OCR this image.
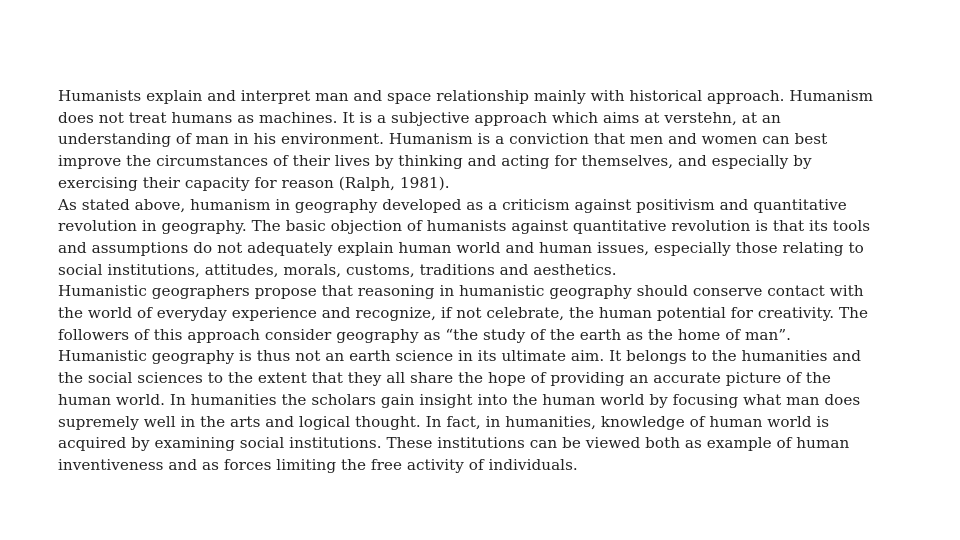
Humanists explain and interpret man and space relationship mainly with historical approach. Humanism does not treat humans as machines. It is a subjective approach which aims at verstehn, at an understanding of man in his environment. Humanism is a conviction that men and women can best improve the circumstances of their lives by thinking and acting for themselves, and especially by exercising their capacity for reason (Ralph, 1981).

As stated above, humanism in geography developed as a criticism against positivism and quantitative revolution in geography. The basic objection of humanists against quantitative revolution is that its tools and assumptions do not adequately explain human world and human issues, especially those relating to social institutions, attitudes, morals, customs, traditions and aesthetics.

Humanistic geographers propose that reasoning in humanistic geography should conserve contact with the world of everyday experience and recognize, if not celebrate, the human potential for creativity. The followers of this approach consider geography as “the study of the earth as the home of man”.

Humanistic geography is thus not an earth science in its ultimate aim. It belongs to the humanities and the social sciences to the extent that they all share the hope of providing an accurate picture of the human world. In humanities the scholars gain insight into the human world by focusing what man does supremely well in the arts and logical thought. In fact, in humanities, knowledge of human world is acquired by examining social institutions. These institutions can be viewed both as example of human inventiveness and as forces limiting the free activity of individuals.
